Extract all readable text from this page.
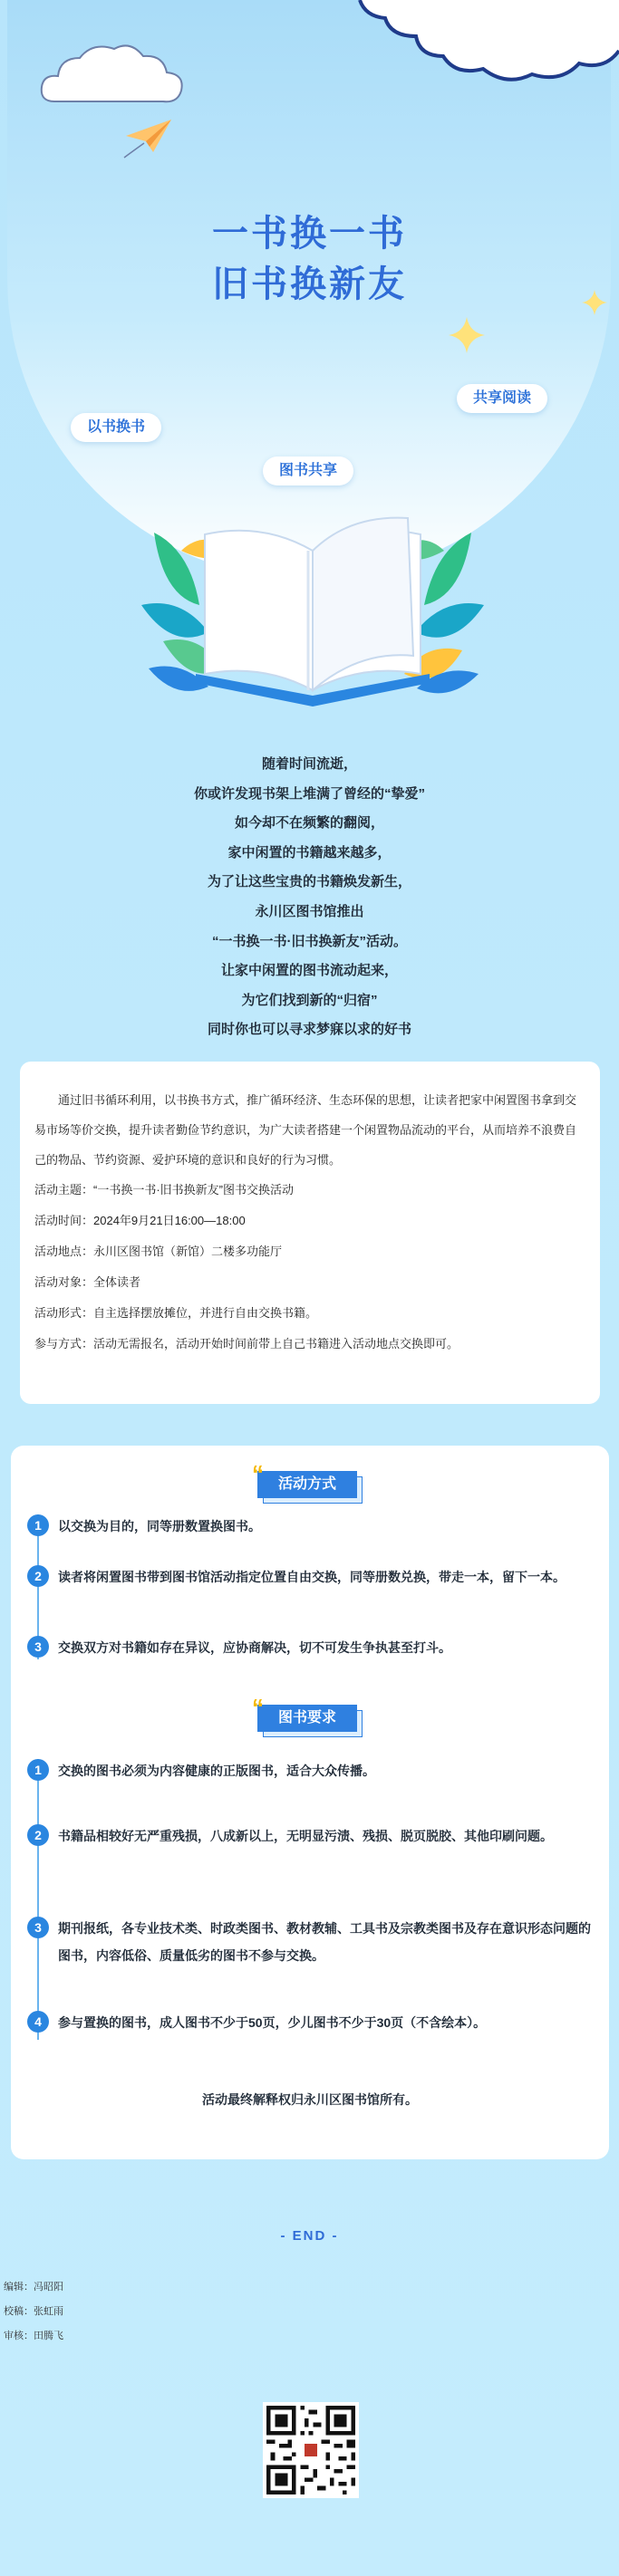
一书换一书
旧书换新友
共享阅读
以书换书
图书共享
随着时间流逝，
你或许发现书架上堆满了曾经的“挚爱”
如今却不在频繁的翻阅，
家中闲置的书籍越来越多，
为了让这些宝贵的书籍焕发新生，
永川区图书馆推出
“一书换一书·旧书换新友”活动。
让家中闲置的图书流动起来，
为它们找到新的“归宿”
同时你也可以寻求梦寐以求的好书

通过旧书循环利用，以书换书方式，推广循环经济、生态环保的思想，让读者把家中闲置图书拿到交易市场等价交换，提升读者勤俭节约意识，为广大读者搭建一个闲置物品流动的平台，从而培养不浪费自己的物品、节约资源、爱护环境的意识和良好的行为习惯。

活动主题：“一书换一书·旧书换新友”图书交换活动
活动时间：2024年9月21日16:00—18:00
活动地点：永川区图书馆（新馆）二楼多功能厅
活动对象：全体读者
活动形式：自主选择摆放摊位，并进行自由交换书籍。
参与方式：活动无需报名，活动开始时间前带上自己书籍进入活动地点交换即可。
活动方式
“
1	以交换为目的，同等册数置换图书。
2	读者将闲置图书带到图书馆活动指定位置自由交换，同等册数兑换，带走一本，留下一本。
3	交换双方对书籍如存在异议，应协商解决，切不可发生争执甚至打斗。
图书要求
“
1	交换的图书必须为内容健康的正版图书，适合大众传播。
2	书籍品相较好无严重残损，八成新以上，无明显污渍、残损、脱页脱胶、其他印刷问题。
3	期刊报纸，各专业技术类、时政类图书、教材教辅、工具书及宗教类图书及存在意识形态问题的图书，内容低俗、质量低劣的图书不参与交换。
4	参与置换的图书，成人图书不少于50页，少儿图书不少于30页（不含绘本）。
活动最终解释权归永川区图书馆所有。
- END -
编辑：冯昭阳
校稿：张虹雨
审核：田腾飞
